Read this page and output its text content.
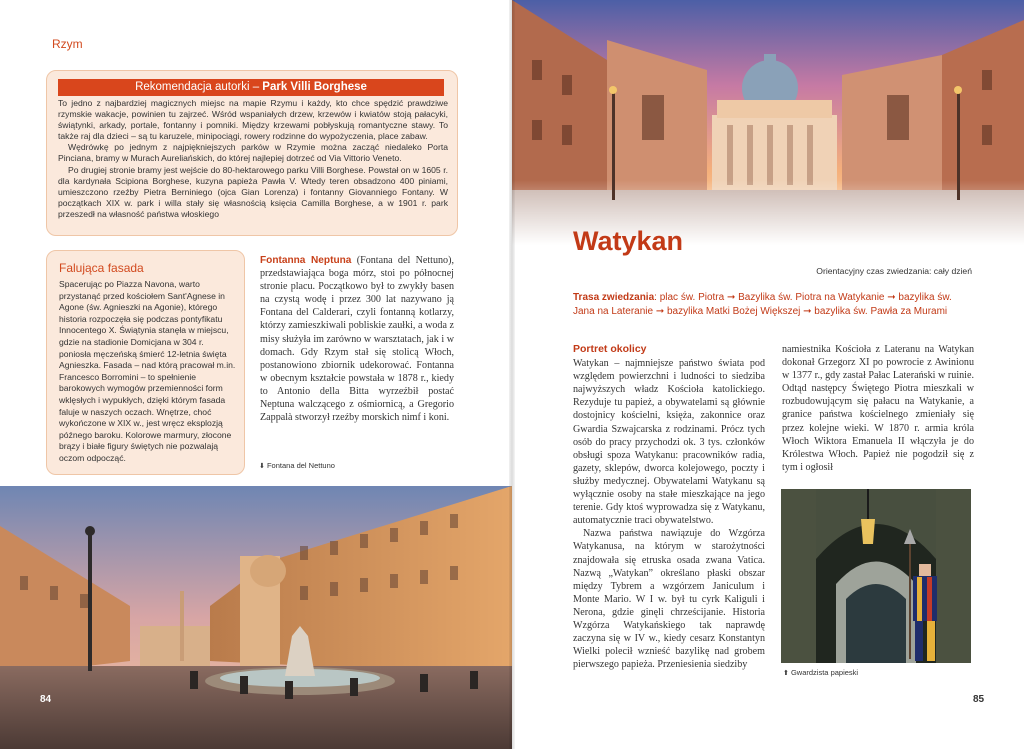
Rzym
Rekomendacja autorki – Park Villi Borghese

To jedno z najbardziej magicznych miejsc na mapie Rzymu i każdy, kto chce spędzić prawdziwe rzymskie wakacje, powinien tu zajrzeć. Wśród wspaniałych drzew, krzewów i kwiatów stoją pałacyki, świątynki, arkady, portale, fontanny i pomniki. Między krzewami pobłyskują romantyczne stawy. To także raj dla dzieci – są tu karuzele, minipociągi, rowery rodzinne do wypożyczenia, place zabaw.

Wędrówkę po jednym z najpiękniejszych parków w Rzymie można zacząć niedaleko Porta Pinciana, bramy w Murach Aureliańskich, do której najlepiej dotrzeć od Via Vittorio Veneto.

Po drugiej stronie bramy jest wejście do 80-hektarowego parku Villi Borghese. Powstał on w 1605 r. dla kardynała Scipiona Borghese, kuzyna papieża Pawła V. Wtedy teren obsadzono 400 piniami, umieszczono rzeźby Pietra Berniniego (ojca Gian Lorenza) i fontanny Giovanniego Fontany. W początkach XIX w. park i willa stały się własnością księcia Camilla Borghese, a w 1901 r. park przeszedł na własność państwa włoskiego

Falująca fasada
Spacerując po Piazza Navona, warto przystanąć przed kościołem Sant'Agnese in Agone (św. Agnieszki na Agonie), którego historia rozpoczęła się podczas pontyfikatu Innocentego X. Świątynia stanęła w miejscu, gdzie na stadionie Domicjana w 304 r. poniosła męczeńską śmierć 12-letnia święta Agnieszka. Fasada – nad którą pracował m.in. Francesco Borromini – to spełnienie barokowych wymogów przemienności form wklęsłych i wypukłych, dzięki którym fasada faluje w naszych oczach. Wnętrze, choć wykończone w XIX w., jest wręcz eksplozją późnego baroku. Kolorowe marmury, złocone brązy i białe figury świętych nie pozwalają oczom odpocząć.
Fontanna Neptuna (Fontana del Nettuno), przedstawiająca boga mórz, stoi po północnej stronie placu. Początkowo był to zwykły basen na czystą wodę i przez 300 lat nazywano ją Fontana del Calderari, czyli fontanną kotlarzy, którzy zamieszkiwali pobliskie zaułki, a woda z misy służyła im zarówno w warsztatach, jak i w domach. Gdy Rzym stał się stolicą Włoch, postanowiono zbiornik udekorować. Fontanna w obecnym kształcie powstała w 1878 r., kiedy to Antonio della Bitta wyrzeźbił postać Neptuna walczącego z ośmiornicą, a Gregorio Zappalà stworzył rzeźby morskich nimf i koni.
⬇ Fontana del Nettuno
84
Watykan
Orientacyjny czas zwiedzania: cały dzień
Trasa zwiedzania: plac św. Piotra ➞ Bazylika św. Piotra na Watykanie ➞ bazylika św. Jana na Lateranie ➞ bazylika Matki Bożej Większej ➞ bazylika św. Pawła za Murami
Portret okolicy

Watykan – najmniejsze państwo świata pod względem powierzchni i ludności to siedziba najwyższych władz Kościoła katolickiego. Rezyduje tu papież, a obywatelami są głównie dostojnicy kościelni, księża, zakonnice oraz Gwardia Szwajcarska z rodzinami. Prócz tych osób do pracy przychodzi ok. 3 tys. członków obsługi spoza Watykanu: pracowników radia, gazety, sklepów, dworca kolejowego, poczty i służby medycznej. Obywatelami Watykanu są wyłącznie osoby na stałe mieszkające na jego terenie. Gdy ktoś wyprowadza się z Watykanu, automatycznie traci obywatelstwo.

Nazwa państwa nawiązuje do Wzgórza Watykanusa, na którym w starożytności znajdowała się etruska osada zwana Vatica. Nazwą „Watykan” określano płaski obszar między Tybrem a wzgórzem Janiculum i Monte Mario. W I w. był tu cyrk Kaliguli i Nerona, gdzie ginęli chrześcijanie. Historia Wzgórza Watykańskiego tak naprawdę zaczyna się w IV w., kiedy cesarz Konstantyn Wielki polecił wznieść bazylikę nad grobem pierwszego papieża. Przeniesienia siedziby

namiestnika Kościoła z Lateranu na Watykan dokonał Grzegorz XI po powrocie z Awinionu w 1377 r., gdy zastał Pałac Laterański w ruinie. Odtąd następcy Świętego Piotra mieszkali w rozbudowującym się pałacu na Watykanie, a granice państwa kościelnego zmieniały się przez kolejne wieki. W 1870 r. armia króla Włoch Wiktora Emanuela II włączyła je do Królestwa Włoch. Papież nie pogodził się z tym i ogłosił
⬆ Gwardzista papieski
85
